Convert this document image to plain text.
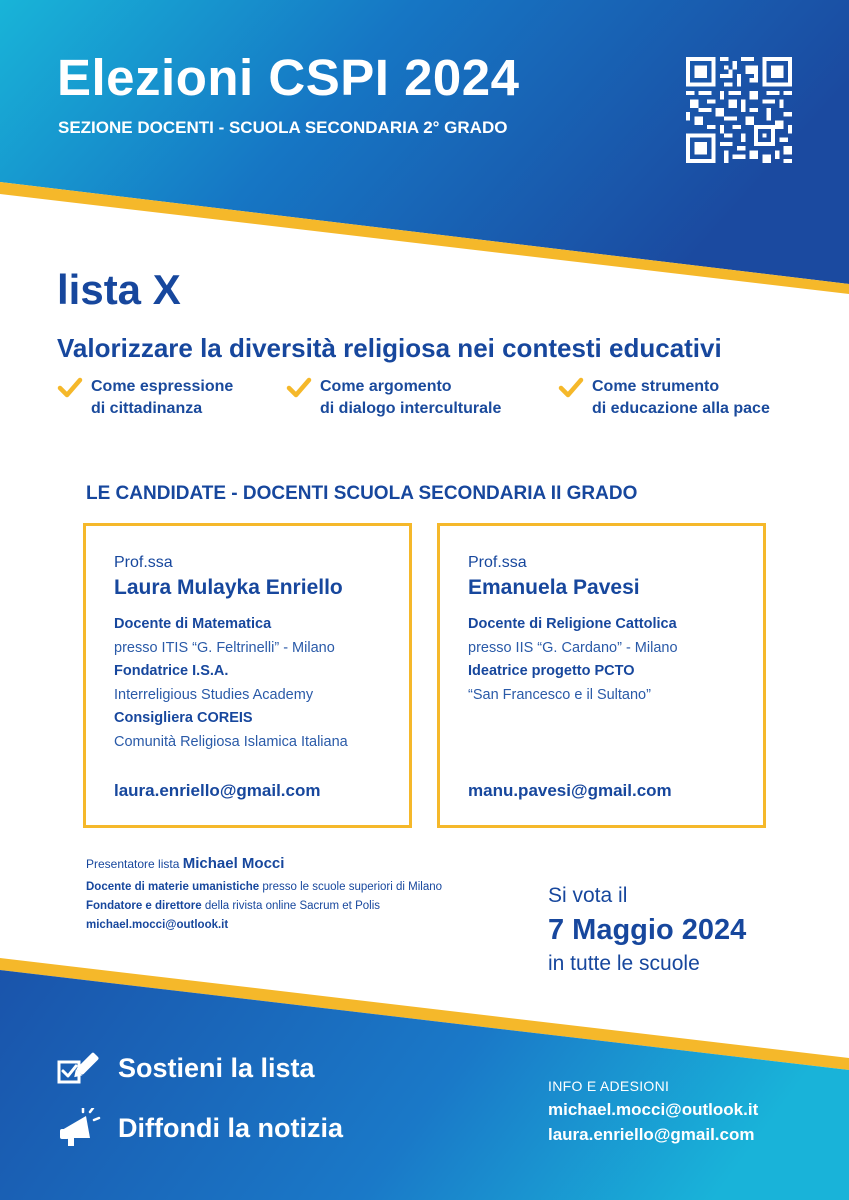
Elezioni CSPI 2024
SEZIONE DOCENTI - SCUOLA SECONDARIA 2° GRADO
lista X
Valorizzare la diversità religiosa nei contesti educativi
Come espressione
di cittadinanza
Come argomento
di dialogo interculturale
Come strumento
di educazione alla pace
LE CANDIDATE - DOCENTI SCUOLA SECONDARIA II GRADO
Prof.ssa
Laura Mulayka Enriello
Docente di Matematica
presso ITIS “G. Feltrinelli” - Milano
Fondatrice I.S.A.
Interreligious Studies Academy
Consigliera COREIS
Comunità Religiosa Islamica Italiana
laura.enriello@gmail.com
Prof.ssa
Emanuela Pavesi
Docente di Religione Cattolica
presso IIS “G. Cardano” - Milano
Ideatrice progetto PCTO
“San Francesco e il Sultano”
manu.pavesi@gmail.com
Presentatore lista Michael Mocci
Docente di materie umanistiche presso le scuole superiori di Milano
Fondatore e direttore della rivista online Sacrum et Polis
michael.mocci@outlook.it
Si vota il
7 Maggio 2024
in tutte le scuole
Sostieni la lista
Diffondi la notizia
INFO E ADESIONI
michael.mocci@outlook.it
laura.enriello@gmail.com
